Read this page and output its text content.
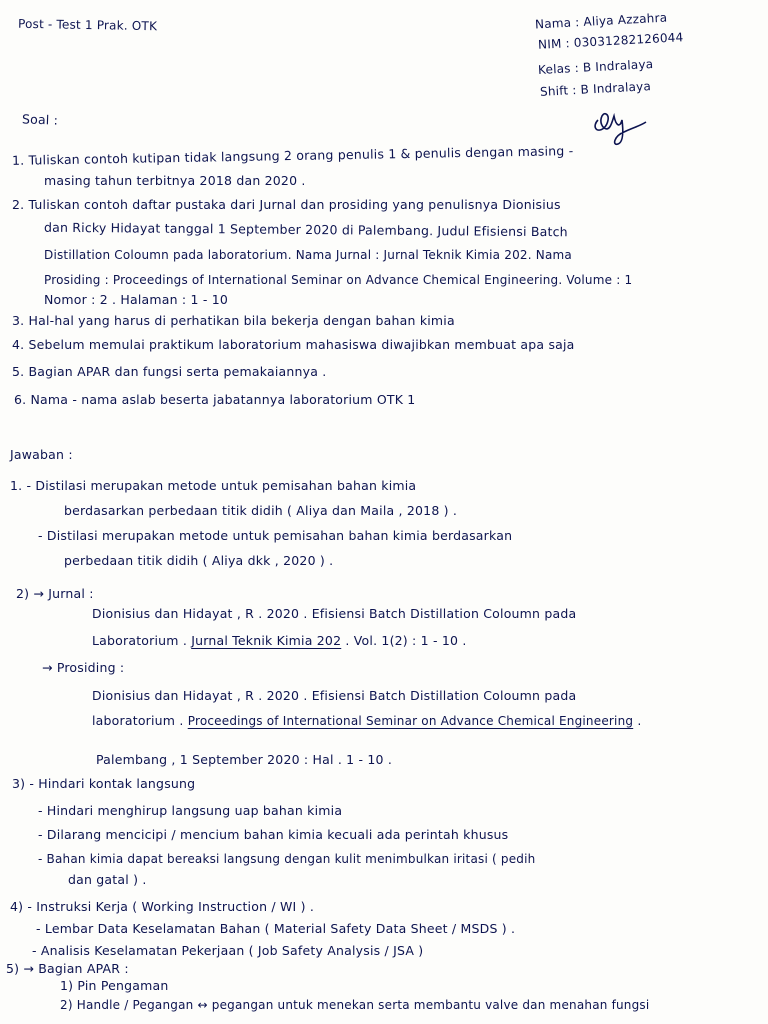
Post - Test 1 Prak. OTK	Nama : Aliya Azzahra
NIM : 03031282126044
Kelas : B Indralaya
Shift : B Indralaya
Soal :
1. Tuliskan contoh kutipan tidak langsung 2 orang penulis 1 & penulis dengan masing -
masing tahun terbitnya 2018 dan 2020 .
2. Tuliskan contoh daftar pustaka dari Jurnal dan prosiding yang penulisnya Dionisius
dan Ricky Hidayat tanggal 1 September 2020 di Palembang. Judul Efisiensi Batch
Distillation Coloumn pada laboratorium. Nama Jurnal : Jurnal Teknik Kimia 202. Nama
Prosiding : Proceedings of International Seminar on Advance Chemical Engineering. Volume : 1
Nomor : 2 . Halaman : 1 - 10
3. Hal-hal yang harus di perhatikan bila bekerja dengan bahan kimia
4. Sebelum memulai praktikum laboratorium mahasiswa diwajibkan membuat apa saja
5. Bagian APAR dan fungsi serta pemakaiannya .
6. Nama - nama aslab beserta jabatannya laboratorium OTK 1
Jawaban :
1. - Distilasi merupakan metode untuk pemisahan bahan kimia
berdasarkan perbedaan titik didih ( Aliya dan Maila , 2018 ) .
- Distilasi merupakan metode untuk pemisahan bahan kimia berdasarkan
perbedaan titik didih ( Aliya dkk , 2020 ) .
2) → Jurnal :
Dionisius dan Hidayat , R . 2020 . Efisiensi Batch Distillation Coloumn pada
Laboratorium . Jurnal Teknik Kimia 202 . Vol. 1(2) : 1 - 10 .
→ Prosiding :
Dionisius dan Hidayat , R . 2020 . Efisiensi Batch Distillation Coloumn pada
laboratorium . Proceedings of International Seminar on Advance Chemical Engineering .
Palembang , 1 September 2020 : Hal . 1 - 10 .
3) - Hindari kontak langsung
- Hindari menghirup langsung uap bahan kimia
- Dilarang mencicipi / mencium bahan kimia kecuali ada perintah khusus
- Bahan kimia dapat bereaksi langsung dengan kulit menimbulkan iritasi ( pedih
dan gatal ) .
4) - Instruksi Kerja ( Working Instruction / WI ) .
- Lembar Data Keselamatan Bahan ( Material Safety Data Sheet / MSDS ) .
- Analisis Keselamatan Pekerjaan ( Job Safety Analysis / JSA )
5) → Bagian APAR :
1) Pin Pengaman
2) Handle / Pegangan ↔ pegangan untuk menekan serta membantu valve dan menahan fungsi
